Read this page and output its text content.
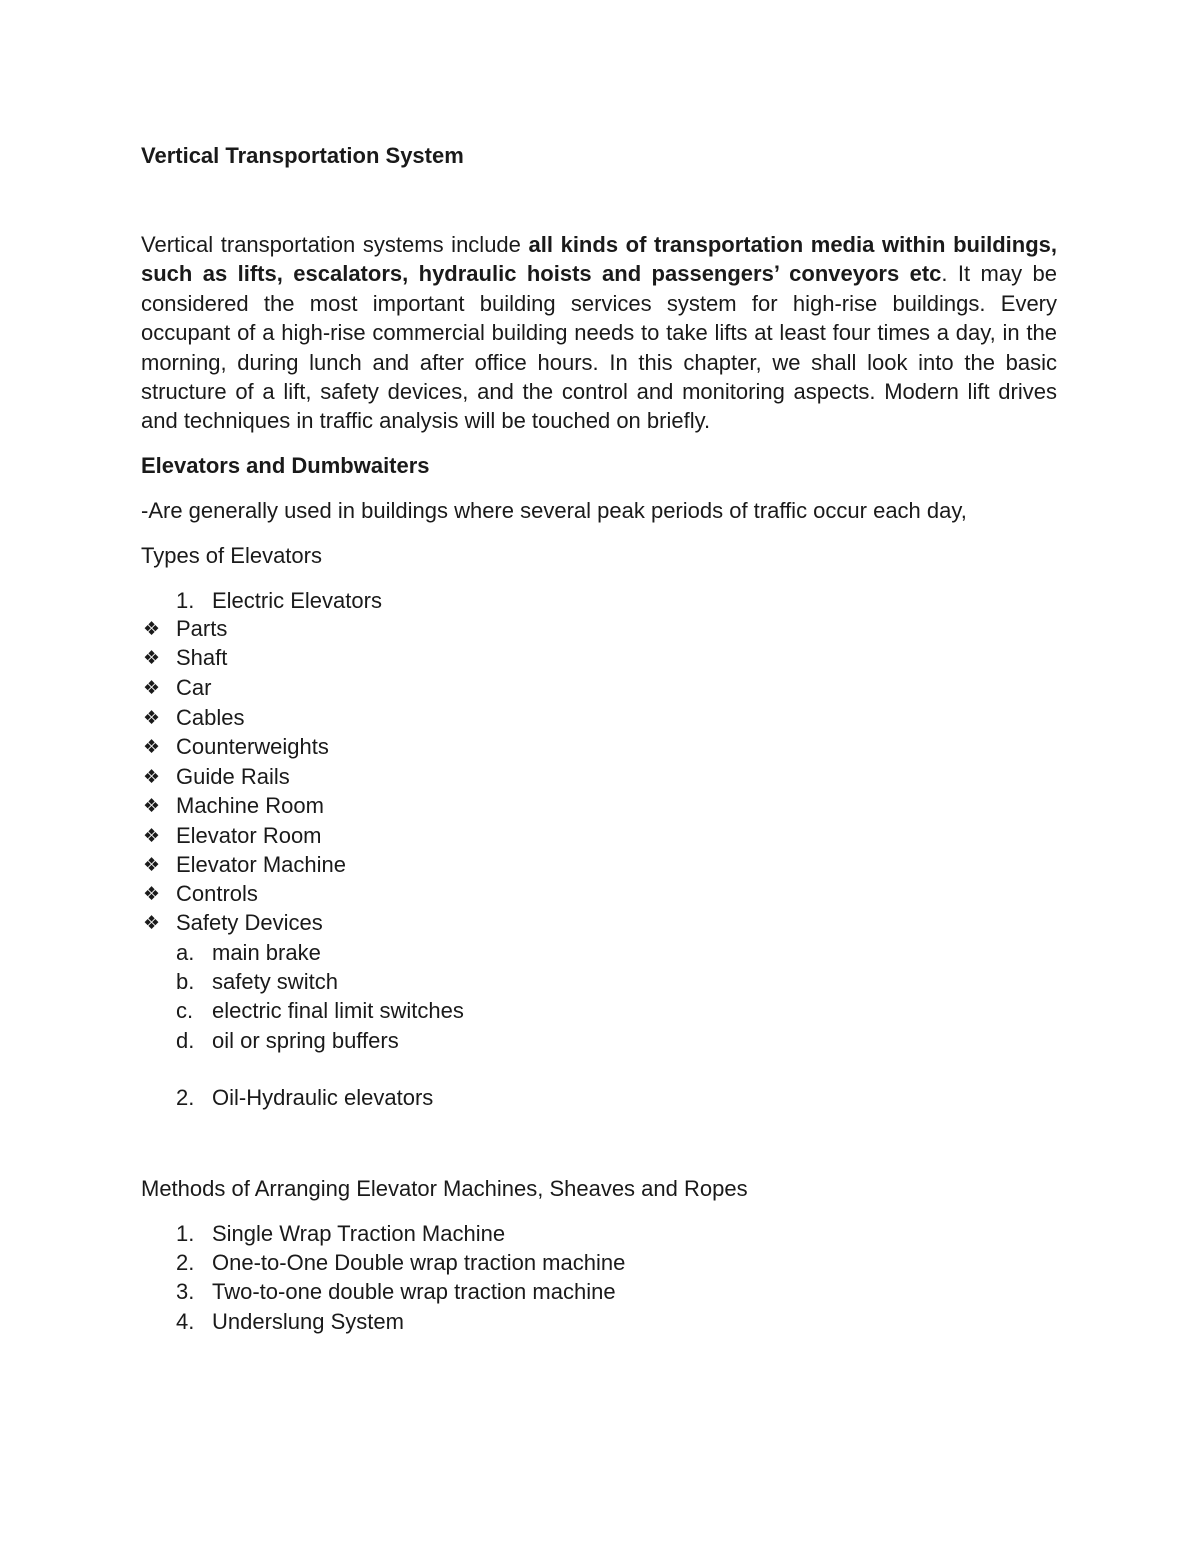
Vertical Transportation System

Vertical transportation systems include all kinds of transportation media within buildings, such as lifts, escalators, hydraulic hoists and passengers’ conveyors etc. It may be considered the most important building services system for high-rise buildings. Every occupant of a high-rise commercial building needs to take lifts at least four times a day, in the morning, during lunch and after office hours. In this chapter, we shall look into the basic structure of a lift, safety devices, and the control and monitoring aspects. Modern lift drives and techniques in traffic analysis will be touched on briefly.

Elevators and Dumbwaiters

-Are generally used in buildings where several peak periods of traffic occur each day,

Types of Elevators

1. Electric Elevators
❖ Parts
❖ Shaft
❖ Car
❖ Cables
❖ Counterweights
❖ Guide Rails
❖ Machine Room
❖ Elevator Room
❖ Elevator Machine
❖ Controls
❖ Safety Devices
a. main brake
b. safety switch
c. electric final limit switches
d. oil or spring buffers
2. Oil-Hydraulic elevators

Methods of Arranging Elevator Machines, Sheaves and Ropes

1. Single Wrap Traction Machine
2. One-to-One Double wrap traction machine
3. Two-to-one double wrap traction machine
4. Underslung System
